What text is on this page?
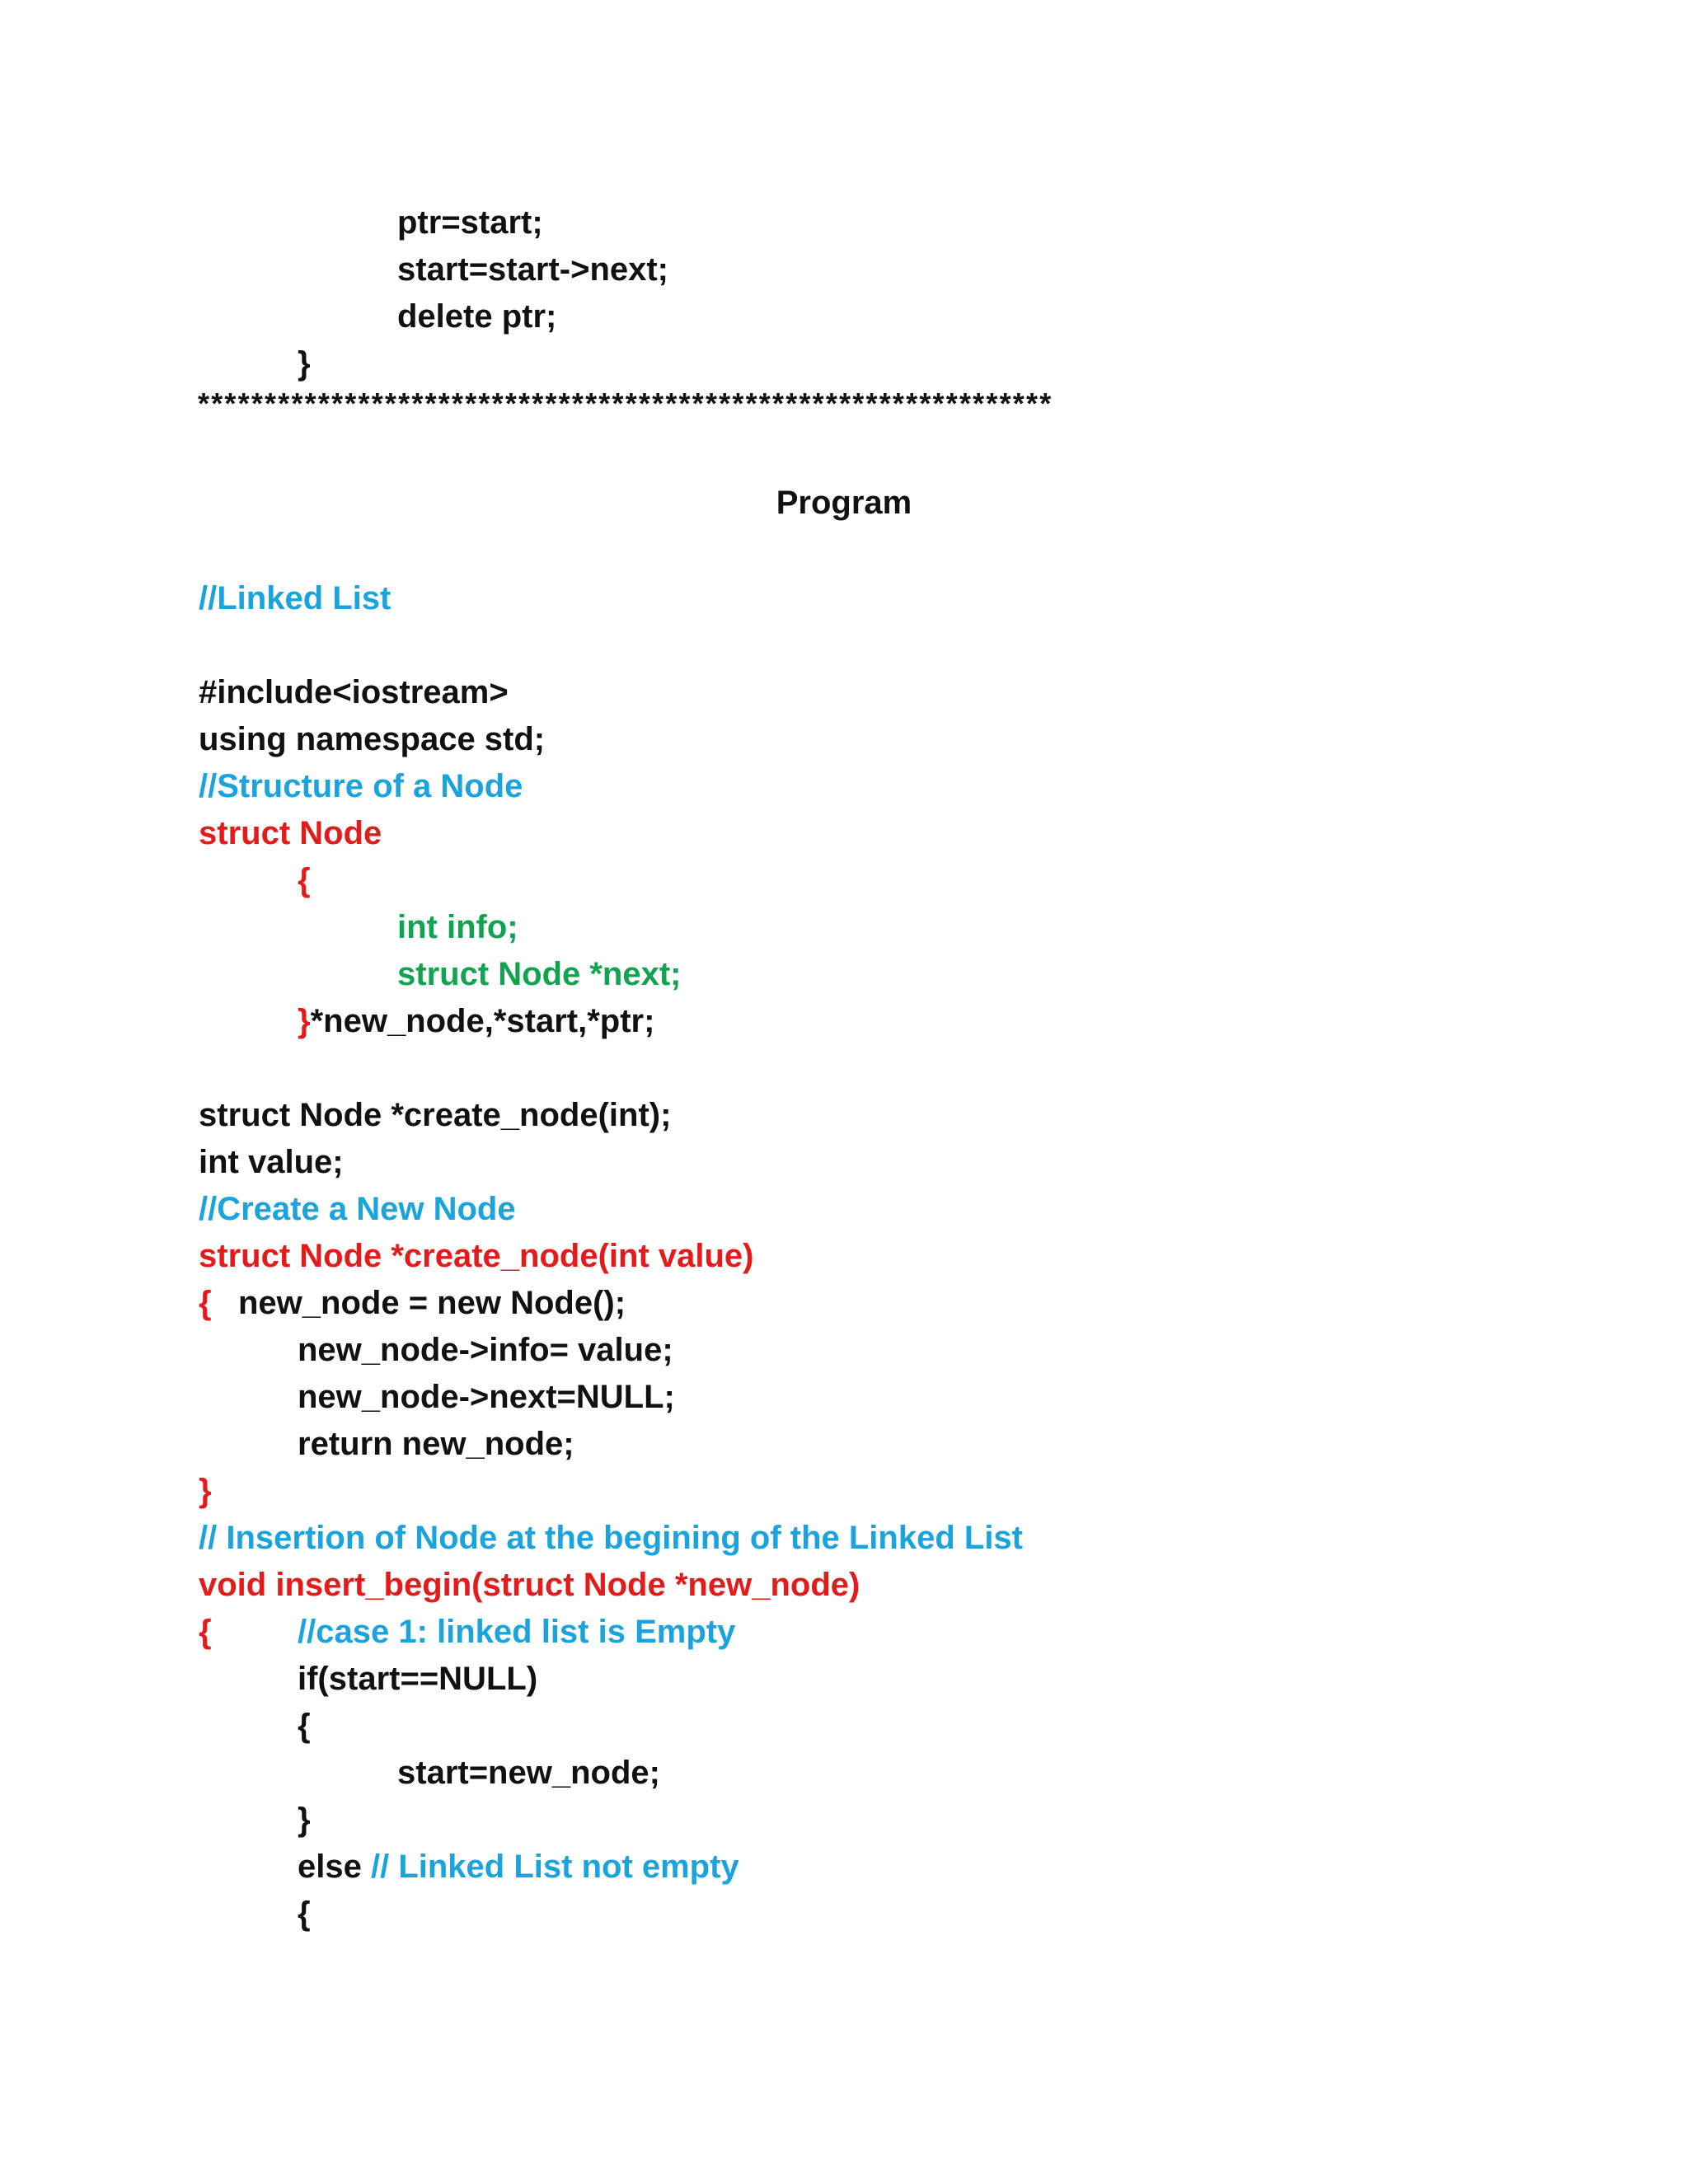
ptr=start;
start=start->next;
delete ptr;
}
****************************************************************
Program
//Linked List
#include<iostream>
using namespace std;
//Structure of a Node
struct Node
{
int info;
struct Node *next;
}*new_node,*start,*ptr;
struct Node *create_node(int);
int value;
//Create a New Node
struct Node *create_node(int value)
{ new_node = new Node();
new_node->info= value;
new_node->next=NULL;
return new_node;
}
// Insertion of Node at the begining of the Linked List
void insert_begin(struct Node *new_node)
{	//case 1: linked list is Empty
if(start==NULL)
{
start=new_node;
}
else // Linked List not empty
{
